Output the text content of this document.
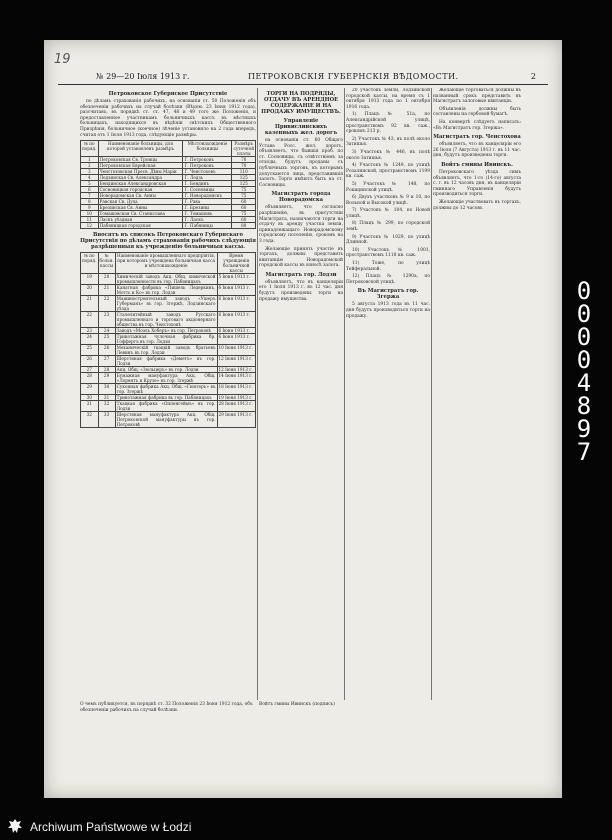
19
№ 29—20 Іюля 1913 г.	ПЕТРОКОВСКІЯ ГУБЕРНСКІЯ ВѢДОМОСТИ.	2
Петроковское Губернское Присутствіе
по дѣламъ страхованія рабочихъ, на основаніи ст. 50 Положенія объ обезпеченіи рабочихъ на случай болѣзни (Вѣдом. 23 Іюня 1912 года), разсчитавъ, въ порядкѣ ст. ст. 47, 48 и 49 того же Положенія, и предоставленное участникамъ больничныхъ кассъ въ мѣстныхъ больницахъ, находящихся въ вѣдѣніи свѣтскихъ Общественного Призрѣнія, больничное (коечное) лѣченіе установило на 2 года впередъ, считая отъ 1 Іюля 1913 года, слѣдующіе размѣры.
№ по поряд.	Наименованіе больницы, для которой установленъ размѣръ	Мѣстонахожденіе больницы	Размѣръ суточной платы
1	Петроковская Св. Троицы	Г. Петроковъ	70
2	Петроковская Еврейская	Г. Петроковъ	70
3	Ченстоховская Пресв. Дѣвы Маріи	Г. Ченстоховъ	110
4	Лодзинская Св. Александра	Г. Лодзь	125
5	Бендинская Александровская	Г. Бендинъ	125
6	Сосновицкая городская	Г. Сосновицы	75
7	Новорадомская Св. Анны	Г. Новорадомскъ	75
8	Равская Св. Духа	Г. Рава	60
9	Брезинская Св. Анны	Г. Брезины	60
10	Томашовская Св. Станислава	Г. Томашовъ	75
11	Ласкъ уѣздная	Г. Ласкъ	60
12	Пабяницкая городская	Г. Пабяницы	80
Вносятъ въ списокъ Петроковскаго Губернскаго Присутствія по дѣламъ страхованія рабочихъ слѣдующія разрѣшенныя къ учрежденію больничныя кассы.
№ по поряд.	№ больн. кассы	Наименованіе промышленнаго предпріятія, при которомъ учреждена больничная касса и мѣстонахожденіе	Время учрежденія больничной кассы
19	20	Химическій заводъ Акц. Общ. химической промышленности въ гор. Пабяницахъ	5 Іюня 1913 г.
20	21	Канатная фабрика «Пишель Ледеркинъ, Мотть и Ко» въ гор. Лодзи	6 Іюня 1913 г.
21	22	Машиностроительный заводъ «Ушеръ Губерманъ» въ гор. Згержѣ, Лодзинскаго уѣзда	6 Іюня 1913 г.
22	23	Сталелитейный заводъ Русскаго промышленнаго и торговаго акціонернаго общества въ гор. Ченстоховѣ	6 Іюня 1913 г.
23	24	Заводъ «Моэль Хоберъ» въ гор. Петроковѣ	6 Іюня 1913 г.
24	25	Трикотажная чулочная фабрика бр. Гоффертъ въ гор. Лодзи	6 Іюня 1913 г.
25	26	Механическій ткацкій заводъ братьевъ Левинъ въ гор. Лодзи	10 Іюня 1913 г.
26	27	Шерстяная фабрика «Деметъ» въ гор. Лодзи	12 Іюня 1913 г.
27	28	Акц. Общ. «Зюльцеръ» въ гор. Лодзи	12 Іюня 1913 г.
28	29	Бумажная мануфактура Акц. Общ. «Лорентъ и Крузе» въ гор. Згержѣ	14 Іюня 1913 г.
29	30	Суконная фабрика Акц. Общ. «Гюнтеръ» въ гор. Згержѣ	18 Іюня 1913 г.
30	31	Трикотажная фабрика въ гор. Пабяницахъ	19 Іюня 1913 г.
31	32	Ткацкая фабрика «Оппенгеймъ» въ гор. Лодзи	28 Іюня 1913 г.
32	33	Шерстяная мануфактура Акц. Общ. Петроковской мануфактуры въ гор. Петроковѣ	29 Іюня 1913 г.
О чемъ публикуется, въ порядкѣ ст. 32 Положенія 23 Іюня 1912 года, объ обезпеченіи рабочихъ на случай болѣзни.
ТОРГИ НА ПОДРЯДЫ, ОТДАЧУ ВЪ АРЕНДНОЕ СОДЕРЖАНІЕ И НА ПРОДАЖУ ИМУЩЕСТВЪ.
Управленіе Привислинскихъ казенныхъ жел. дорогъ
на основаніи ст. 60 Общаго Устава Росс. жел. дорогъ, объявляетъ, что бывшія проб. по ст. Сосновицы, съ отвѣтствіемъ за отходы, будутъ проданы съ публичныхъ торговъ, къ которымъ допускаются лица, представившія залогъ. Торги имѣютъ быть на ст. Сосновицы.
Магистратъ города Новорадомска
объявляетъ, что согласно разрѣшенію, въ присутствіи Магистрата, назначаются торги на отдачу въ аренду участка земли, принадлежащаго Новорадомскому городскому поселенію, срокомъ на 3 года.
Желающіе принять участіе въ торгахъ, должны представить квитанцію Новорадомской городской кассы въ взносѣ залога.
Магистратъ гор. Лодзи
объявляетъ, что въ канцеляріи его 1 Іюля 1913 г. въ 12 час. дня будутъ произведены торги на продажу имущества.
20 участокъ земли, Лодзинской городской кассы, на время съ 1 октября 1913 года по 1 октября 1916 года.
1) Плацъ № 51а, по Александрійской улицѣ, пространствомъ 92 кв. саж., срокомъ 213 р.
2) Участокъ № 43, въ полѣ около Затишья.
3) Участокъ № 446, въ полѣ около Затишья.
4) Участокъ № 1249, по улицѣ Розалинской, пространствомъ 1199 кв. саж.
5) Участокъ № 148, по Рокицинской улицѣ.
6) Двухъ участковъ № 9 и 10, по Вольной и Высокой улицѣ.
7) Участокъ № 104, по Новой улицѣ.
8) Плацъ № 299, по городской земѣ.
9) Участокъ № 1029, по улицѣ Длинной.
10) Участокъ № 1001, пространствомъ 1118 кв. саж.
11) Тоже, по улицѣ Тейферальной.
12) Плацъ № 1290а, по Петроковской улицѣ.
Въ Магистратъ гор. Згержа
5 августа 1913 года въ 11 час. дня будутъ производиться торги на продажу.
Желающіе торговаться должны въ названный срокъ представить въ Магистратъ залоговые квитанціи.
Объявленія должны быть составлены на гербовой бумагѣ.
На конвертѣ слѣдуетъ написать: «Въ Магистратъ гор. Згержа».
Магистратъ гор. Ченстохова
объявляетъ, что въ канцеляріи его 26 Іюля (7 Августа) 1913 г. въ 11 час. дня, будутъ произведены торги.
Войтъ гмины Ивинскъ.
Петроковскаго уѣзда симъ объявляетъ, что 1-го (14-го) августа с. г. въ 12 часовъ дня, въ канцеляріи гминнаго Управленія будутъ производиться торги.
Желающіе участвовать въ торгахъ, должны до 12 часовъ
Войтъ гмины Ивинскъ (подпись)
0
0
0
0
4
8
9
7
Archiwum Państwowe w Łodzi
